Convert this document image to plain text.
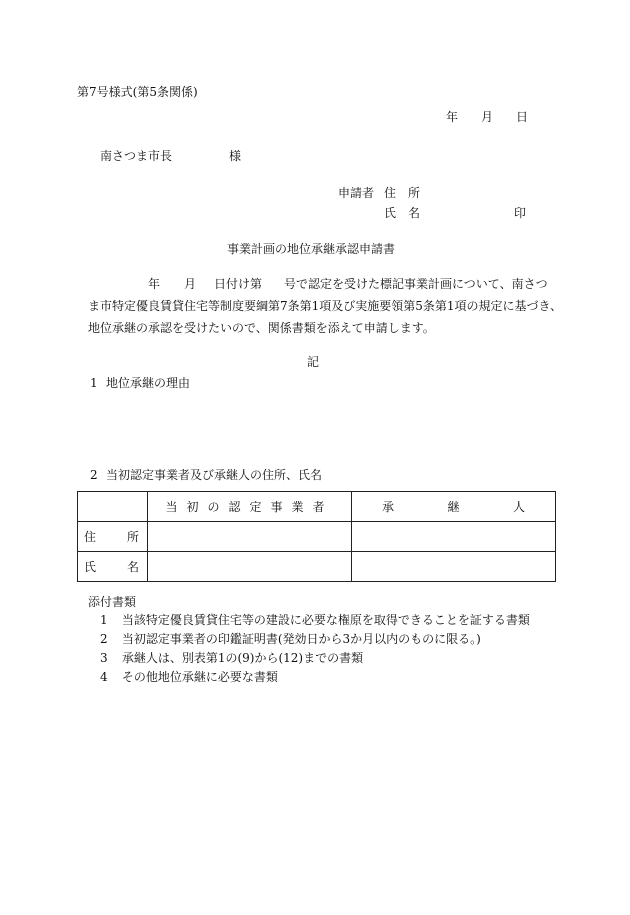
第7号様式(第5条関係)
年 月 日
南さつま市長	様
申請者 住　所
氏　名	印
事業計画の地位承継承認申請書
年 月 日付け第 号で認定を受けた標記事業計画について、南さつ
ま市特定優良賃貸住宅等制度要綱第7条第1項及び実施要領第5条第1項の規定に基づき、
地位承継の承認を受けたいので、関係書類を添えて申請します。
記
1 地位承継の理由
2 当初認定事業者及び承継人の住所、氏名
	当初の認定事業者	承 継 人

住 所		

氏 名		

添付書類
1 当該特定優良賃貸住宅等の建設に必要な権原を取得できることを証する書類
2 当初認定事業者の印鑑証明書(発効日から3か月以内のものに限る。)
3 承継人は、別表第1の(9)から(12)までの書類
4 その他地位承継に必要な書類
